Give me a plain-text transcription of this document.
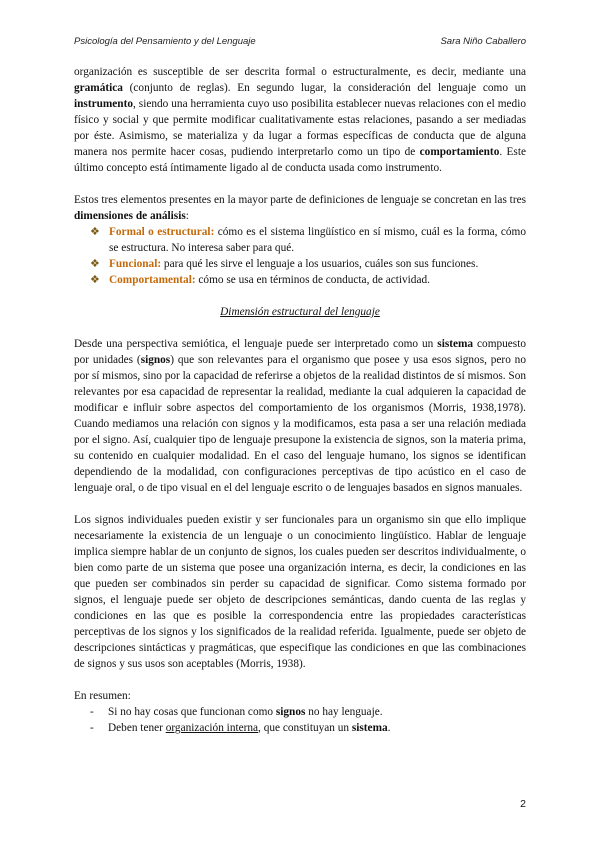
Psicología del Pensamiento y del Lenguaje	Sara Niño Caballero

organización es susceptible de ser descrita formal o estructuralmente, es decir, mediante una gramática (conjunto de reglas). En segundo lugar, la consideración del lenguaje como un instrumento, siendo una herramienta cuyo uso posibilita establecer nuevas relaciones con el medio físico y social y que permite modificar cualitativamente estas relaciones, pasando a ser mediadas por éste. Asimismo, se materializa y da lugar a formas específicas de conducta que de alguna manera nos permite hacer cosas, pudiendo interpretarlo como un tipo de comportamiento. Este último concepto está íntimamente ligado al de conducta usada como instrumento.

Estos tres elementos presentes en la mayor parte de definiciones de lenguaje se concretan en las tres dimensiones de análisis:

❖ Formal o estructural: cómo es el sistema lingüístico en sí mismo, cuál es la forma, cómo se estructura. No interesa saber para qué.
❖ Funcional: para qué les sirve el lenguaje a los usuarios, cuáles son sus funciones.
❖ Comportamental: cómo se usa en términos de conducta, de actividad.

Dimensión estructural del lenguaje

Desde una perspectiva semiótica, el lenguaje puede ser interpretado como un sistema compuesto por unidades (signos) que son relevantes para el organismo que posee y usa esos signos, pero no por sí mismos, sino por la capacidad de referirse a objetos de la realidad distintos de sí mismos. Son relevantes por esa capacidad de representar la realidad, mediante la cual adquieren la capacidad de modificar e influir sobre aspectos del comportamiento de los organismos (Morris, 1938,1978). Cuando mediamos una relación con signos y la modificamos, esta pasa a ser una relación mediada por el signo. Así, cualquier tipo de lenguaje presupone la existencia de signos, son la materia prima, su contenido en cualquier modalidad. En el caso del lenguaje humano, los signos se identifican dependiendo de la modalidad, con configuraciones perceptivas de tipo acústico en el caso de lenguaje oral, o de tipo visual en el del lenguaje escrito o de lenguajes basados en signos manuales.

Los signos individuales pueden existir y ser funcionales para un organismo sin que ello implique necesariamente la existencia de un lenguaje o un conocimiento lingüístico. Hablar de lenguaje implica siempre hablar de un conjunto de signos, los cuales pueden ser descritos individualmente, o bien como parte de un sistema que posee una organización interna, es decir, la condiciones en las que pueden ser combinados sin perder su capacidad de significar. Como sistema formado por signos, el lenguaje puede ser objeto de descripciones semánticas, dando cuenta de las reglas y condiciones en las que es posible la correspondencia entre las propiedades características perceptivas de los signos y los significados de la realidad referida. Igualmente, puede ser objeto de descripciones sintácticas y pragmáticas, que especifique las condiciones en que las combinaciones de signos y sus usos son aceptables (Morris, 1938).

En resumen:

- Si no hay cosas que funcionan como signos no hay lenguaje.
- Deben tener organización interna, que constituyan un sistema.
2
